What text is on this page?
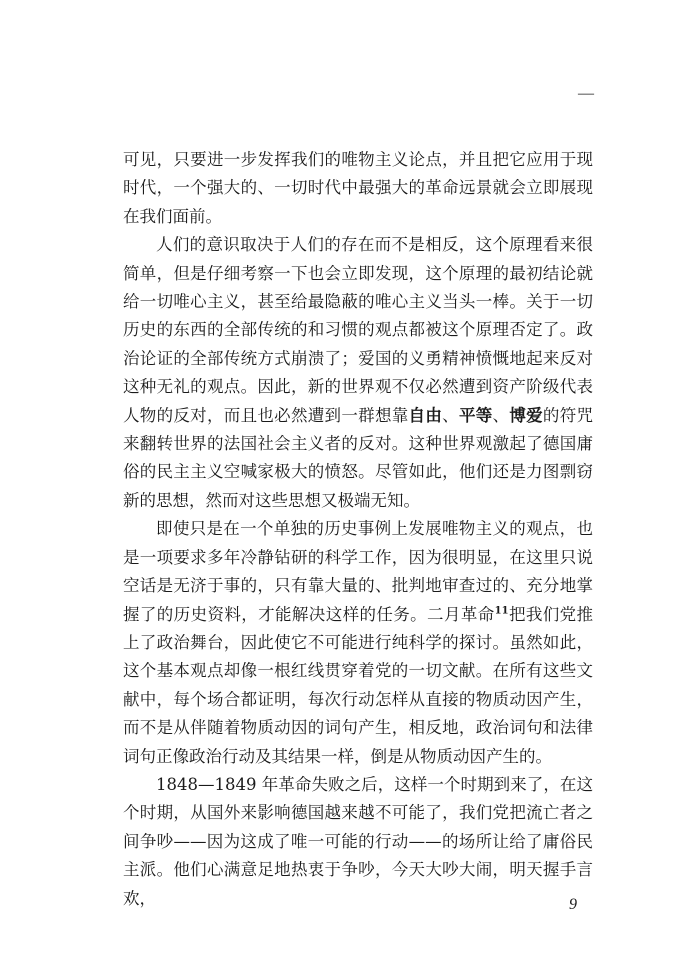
—

可见，只要进一步发挥我们的唯物主义论点，并且把它应用于现时代，一个强大的、一切时代中最强大的革命远景就会立即展现在我们面前。

人们的意识取决于人们的存在而不是相反，这个原理看来很简单，但是仔细考察一下也会立即发现，这个原理的最初结论就给一切唯心主义，甚至给最隐蔽的唯心主义当头一棒。关于一切历史的东西的全部传统的和习惯的观点都被这个原理否定了。政治论证的全部传统方式崩溃了；爱国的义勇精神愤慨地起来反对这种无礼的观点。因此，新的世界观不仅必然遭到资产阶级代表人物的反对，而且也必然遭到一群想靠自由、平等、博爱的符咒来翻转世界的法国社会主义者的反对。这种世界观激起了德国庸俗的民主主义空喊家极大的愤怒。尽管如此，他们还是力图剽窃新的思想，然而对这些思想又极端无知。

即使只是在一个单独的历史事例上发展唯物主义的观点，也是一项要求多年冷静钻研的科学工作，因为很明显，在这里只说空话是无济于事的，只有靠大量的、批判地审查过的、充分地掌握了的历史资料，才能解决这样的任务。二月革命$^{11}$把我们党推上了政治舞台，因此使它不可能进行纯科学的探讨。虽然如此，这个基本观点却像一根红线贯穿着党的一切文献。在所有这些文献中，每个场合都证明，每次行动怎样从直接的物质动因产生，而不是从伴随着物质动因的词句产生，相反地，政治词句和法律词句正像政治行动及其结果一样，倒是从物质动因产生的。

1848—1849 年革命失败之后，这样一个时期到来了，在这个时期，从国外来影响德国越来越不可能了，我们党把流亡者之间争吵——因为这成了唯一可能的行动——的场所让给了庸俗民主派。他们心满意足地热衷于争吵，今天大吵大闹，明天握手言欢，	9
